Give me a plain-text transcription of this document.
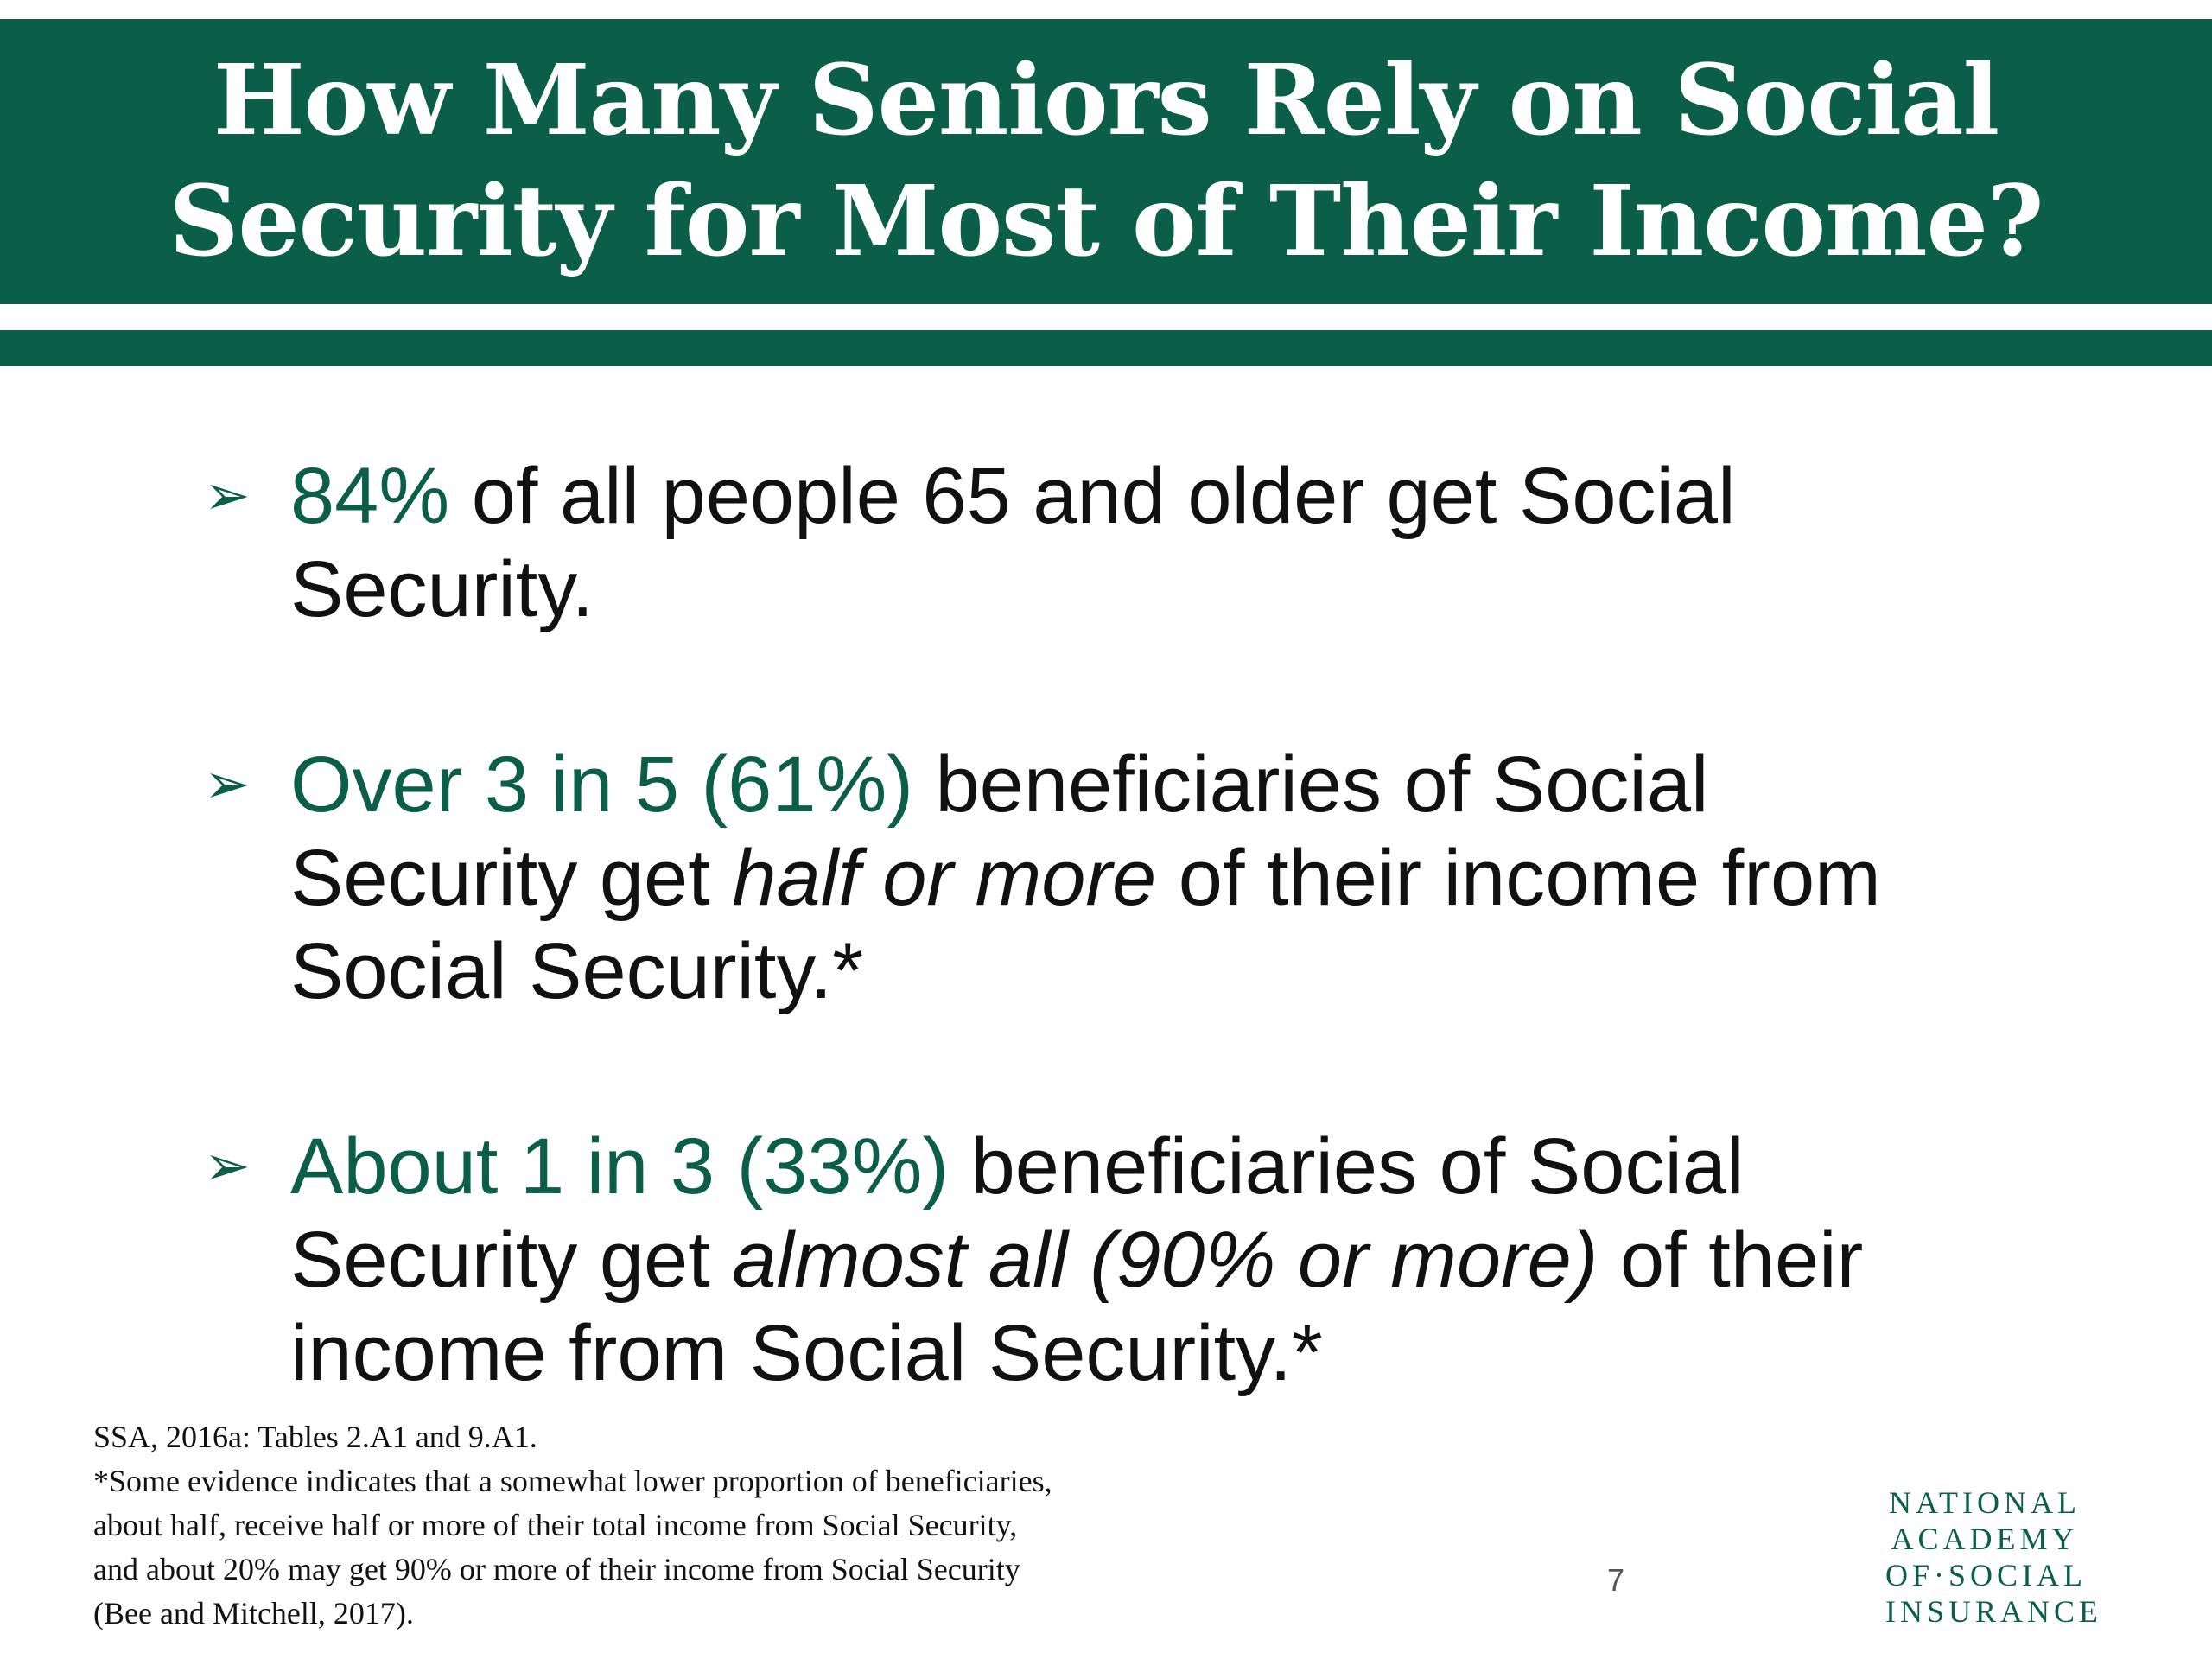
How Many Seniors Rely on Social
Security for Most of Their Income?
➢ 84% of all people 65 and older get Social
Security.
➢ Over 3 in 5 (61%) beneficiaries of Social
Security get half or more of their income from
Social Security.*
➢ About 1 in 3 (33%) beneficiaries of Social
Security get almost all (90% or more) of their
income from Social Security.*
SSA, 2016a: Tables 2.A1 and 9.A1.
*Some evidence indicates that a somewhat lower proportion of beneficiaries,
about half, receive half or more of their total income from Social Security,
and about 20% may get 90% or more of their income from Social Security
(Bee and Mitchell, 2017).
7
NATIONAL
ACADEMY
OF·SOCIAL
INSURANCE
